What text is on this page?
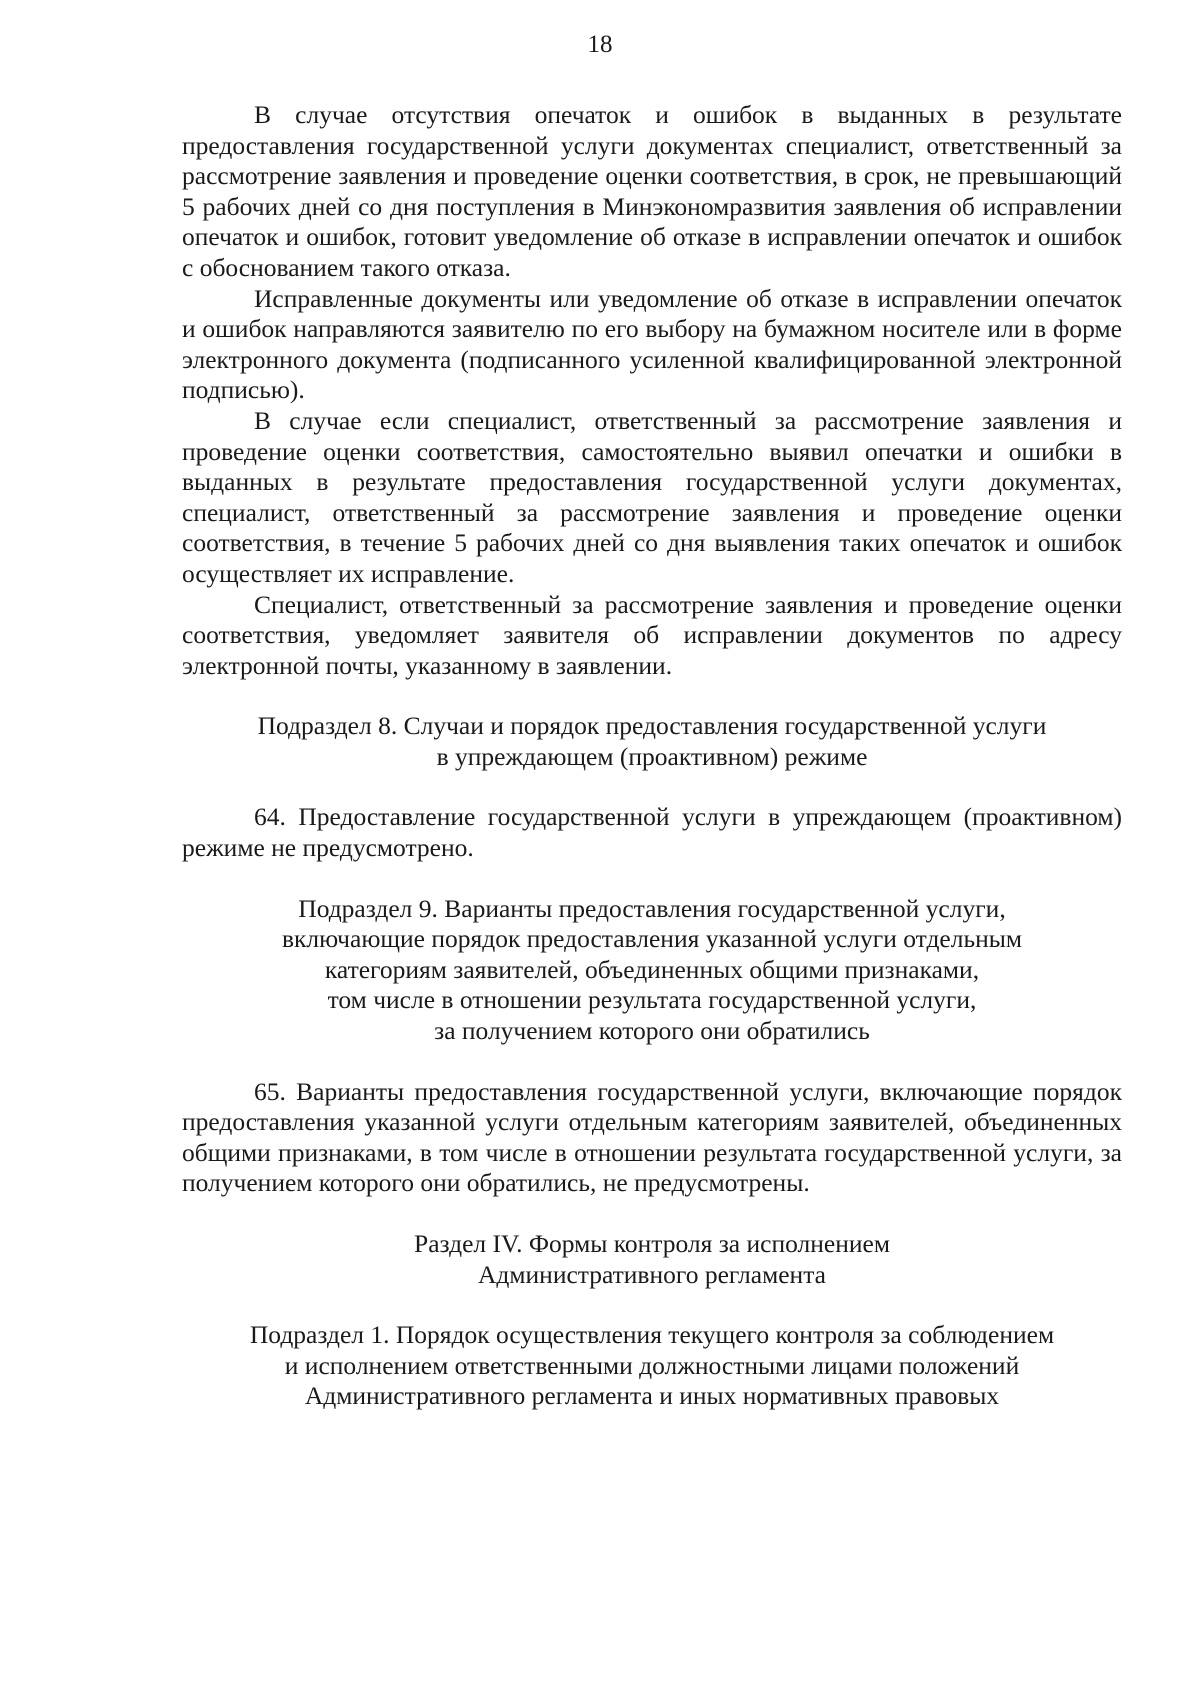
18

В случае отсутствия опечаток и ошибок в выданных в результате предоставления государственной услуги документах специалист, ответственный за рассмотрение заявления и проведение оценки соответствия, в срок, не превышающий 5 рабочих дней со дня поступления в Минэкономразвития заявления об исправлении опечаток и ошибок, готовит уведомление об отказе в исправлении опечаток и ошибок с обоснованием такого отказа.

Исправленные документы или уведомление об отказе в исправлении опечаток и ошибок направляются заявителю по его выбору на бумажном носителе или в форме электронного документа (подписанного усиленной квалифицированной электронной подписью).

В случае если специалист, ответственный за рассмотрение заявления и проведение оценки соответствия, самостоятельно выявил опечатки и ошибки в выданных в результате предоставления государственной услуги документах, специалист, ответственный за рассмотрение заявления и проведение оценки соответствия, в течение 5 рабочих дней со дня выявления таких опечаток и ошибок осуществляет их исправление.

Специалист, ответственный за рассмотрение заявления и проведение оценки соответствия, уведомляет заявителя об исправлении документов по адресу электронной почты, указанному в заявлении.

Подраздел 8. Случаи и порядок предоставления государственной услуги

в упреждающем (проактивном) режиме

64. Предоставление государственной услуги в упреждающем (проактивном) режиме не предусмотрено.

Подраздел 9. Варианты предоставления государственной услуги,

включающие порядок предоставления указанной услуги отдельным

категориям заявителей, объединенных общими признаками,

том числе в отношении результата государственной услуги,

за получением которого они обратились

65. Варианты предоставления государственной услуги, включающие порядок предоставления указанной услуги отдельным категориям заявителей, объединенных общими признаками, в том числе в отношении результата государственной услуги, за получением которого они обратились, не предусмотрены.

Раздел IV. Формы контроля за исполнением

Административного регламента

Подраздел 1. Порядок осуществления текущего контроля за соблюдением

и исполнением ответственными должностными лицами положений

Административного регламента и иных нормативных правовых
